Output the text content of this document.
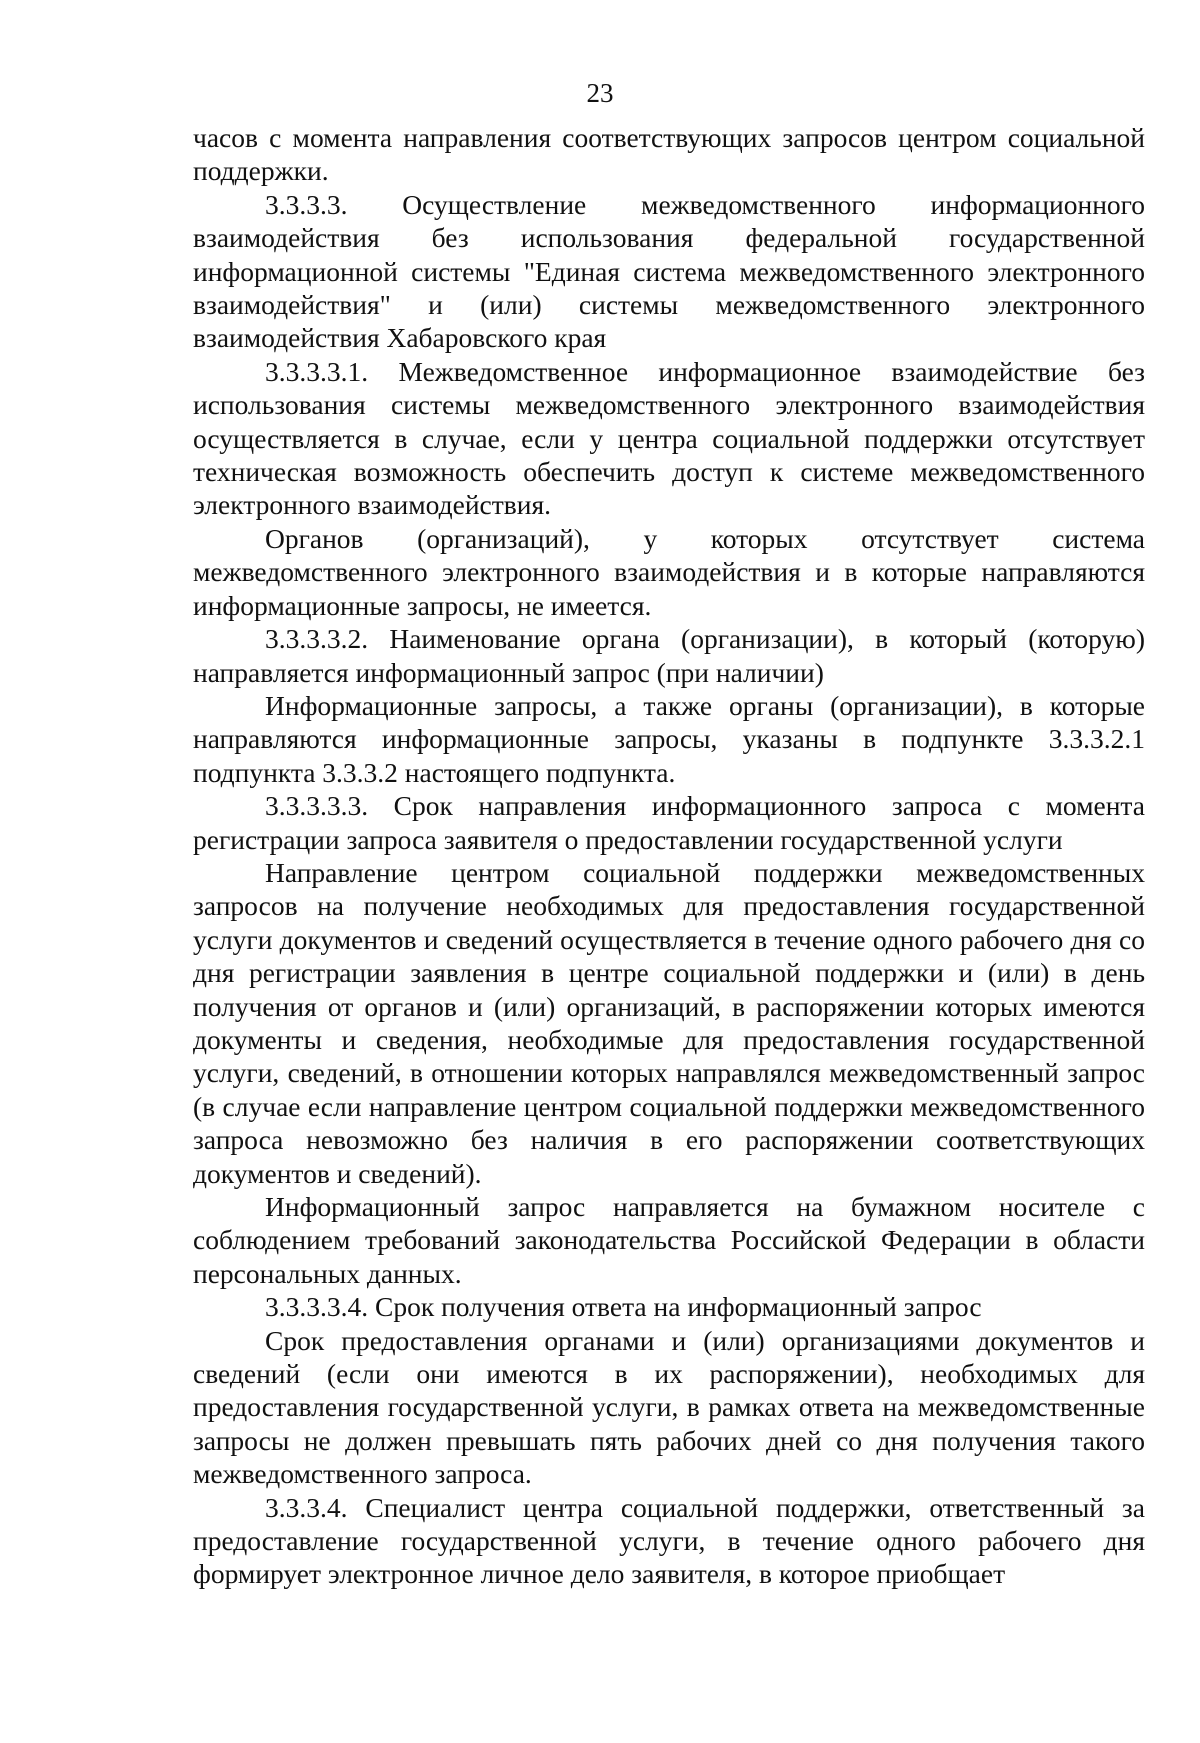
23

часов с момента направления соответствующих запросов центром социальной поддержки.

3.3.3.3. Осуществление межведомственного информационного взаимодействия без использования федеральной государственной информационной системы "Единая система межведомственного электронного взаимодействия" и (или) системы межведомственного электронного взаимодействия Хабаровского края

3.3.3.3.1. Межведомственное информационное взаимодействие без использования системы межведомственного электронного взаимодействия осуществляется в случае, если у центра социальной поддержки отсутствует техническая возможность обеспечить доступ к системе межведомственного электронного взаимодействия.

Органов (организаций), у которых отсутствует система межведомственного электронного взаимодействия и в которые направляются информационные запросы, не имеется.

3.3.3.3.2. Наименование органа (организации), в который (которую) направляется информационный запрос (при наличии)

Информационные запросы, а также органы (организации), в которые направляются информационные запросы, указаны в подпункте 3.3.3.2.1 подпункта 3.3.3.2 настоящего подпункта.

3.3.3.3.3. Срок направления информационного запроса с момента регистрации запроса заявителя о предоставлении государственной услуги

Направление центром социальной поддержки межведомственных запросов на получение необходимых для предоставления государственной услуги документов и сведений осуществляется в течение одного рабочего дня со дня регистрации заявления в центре социальной поддержки и (или) в день получения от органов и (или) организаций, в распоряжении которых имеются документы и сведения, необходимые для предоставления государственной услуги, сведений, в отношении которых направлялся межведомственный запрос (в случае если направление центром социальной поддержки межведомственного запроса невозможно без наличия в его распоряжении соответствующих документов и сведений).

Информационный запрос направляется на бумажном носителе с соблюдением требований законодательства Российской Федерации в области персональных данных.

3.3.3.3.4. Срок получения ответа на информационный запрос

Срок предоставления органами и (или) организациями документов и сведений (если они имеются в их распоряжении), необходимых для предоставления государственной услуги, в рамках ответа на межведомственные запросы не должен превышать пять рабочих дней со дня получения такого межведомственного запроса.

3.3.3.4. Специалист центра социальной поддержки, ответственный за предоставление государственной услуги, в течение одного рабочего дня формирует электронное личное дело заявителя, в которое приобщает
